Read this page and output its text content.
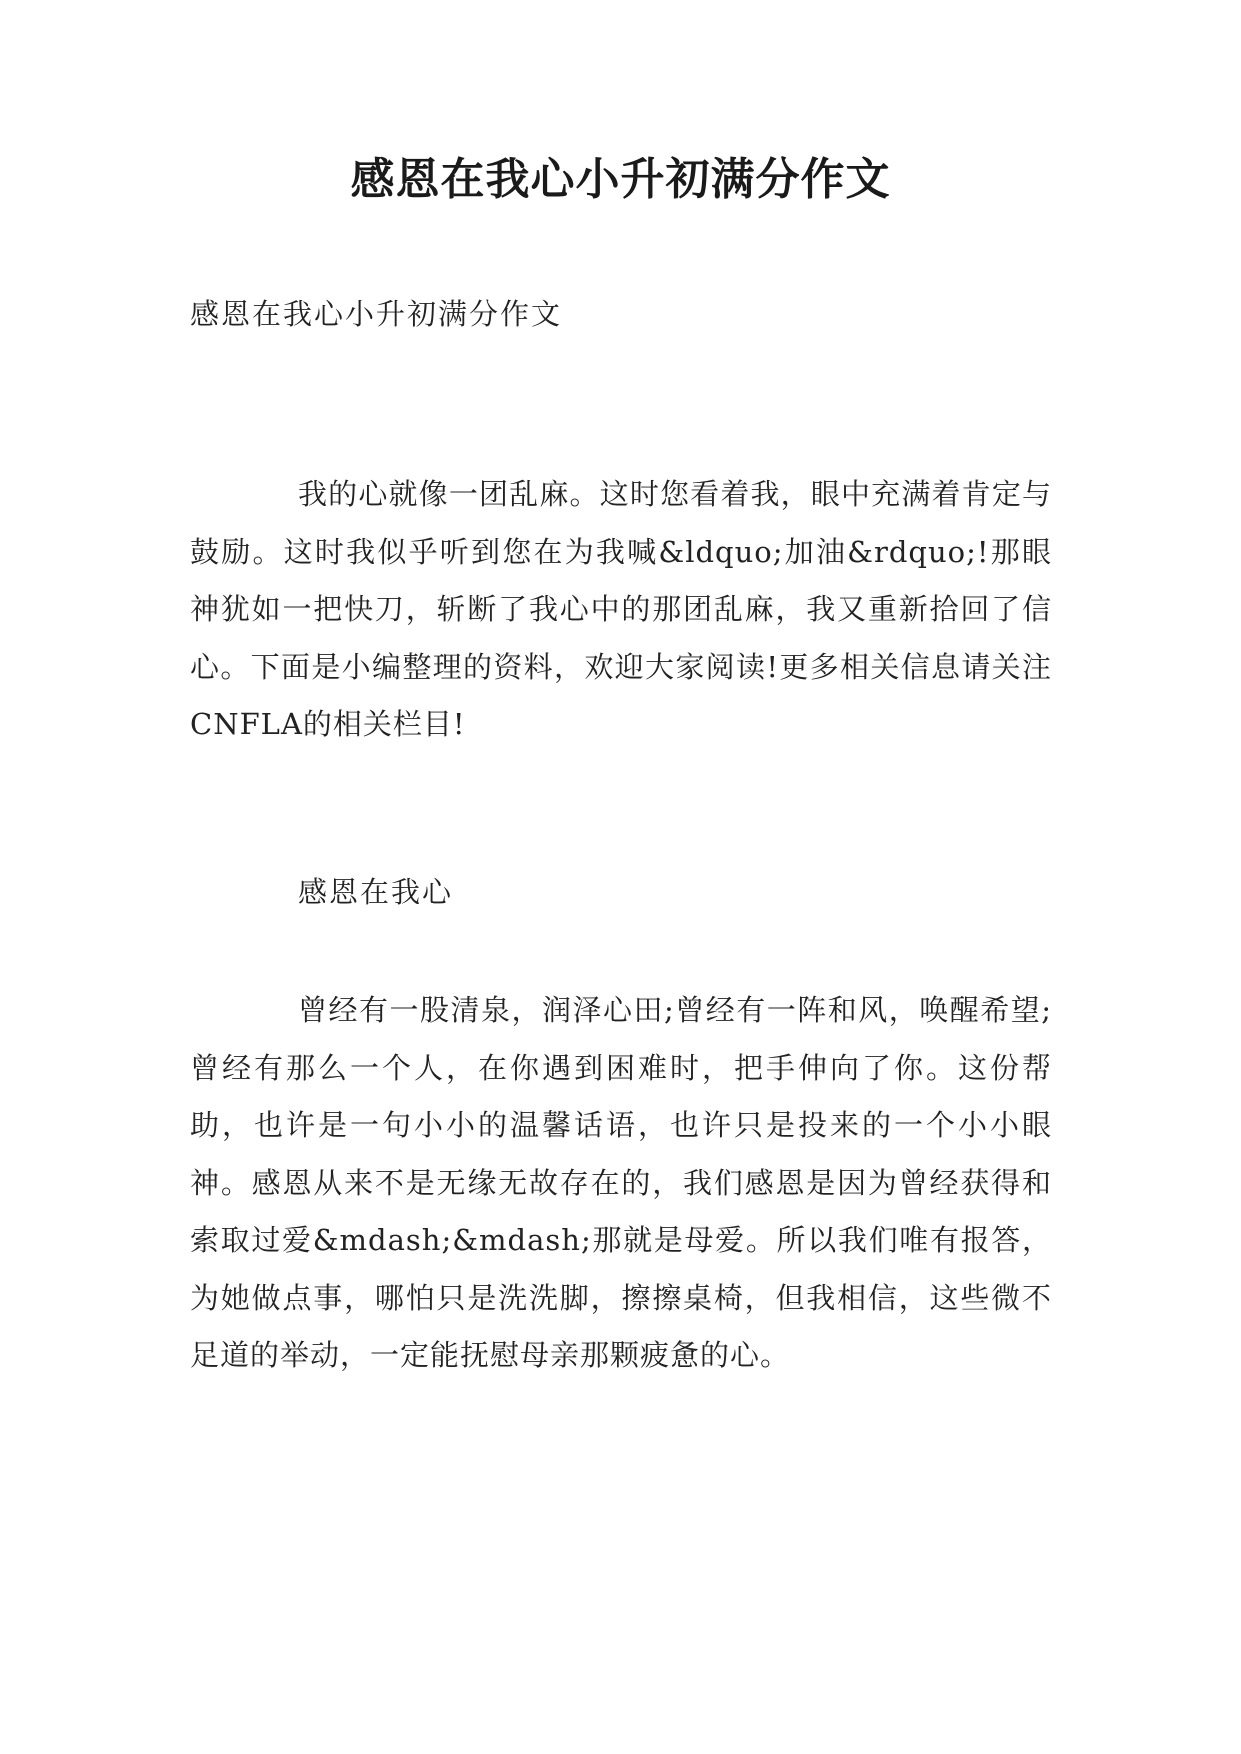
感恩在我心小升初满分作文

感恩在我心小升初满分作文

我的心就像一团乱麻。这时您看着我，眼中充满着肯定与鼓励。这时我似乎听到您在为我喊&ldquo;加油&rdquo;!那眼神犹如一把快刀，斩断了我心中的那团乱麻，我又重新拾回了信心。下面是小编整理的资料，欢迎大家阅读!更多相关信息请关注CNFLA的相关栏目!

感恩在我心

曾经有一股清泉，润泽心田;曾经有一阵和风，唤醒希望;曾经有那么一个人，在你遇到困难时，把手伸向了你。这份帮助，也许是一句小小的温馨话语，也许只是投来的一个小小眼神。感恩从来不是无缘无故存在的，我们感恩是因为曾经获得和索取过爱&mdash;&mdash;那就是母爱。所以我们唯有报答，为她做点事，哪怕只是洗洗脚，擦擦桌椅，但我相信，这些微不足道的举动，一定能抚慰母亲那颗疲惫的心。
